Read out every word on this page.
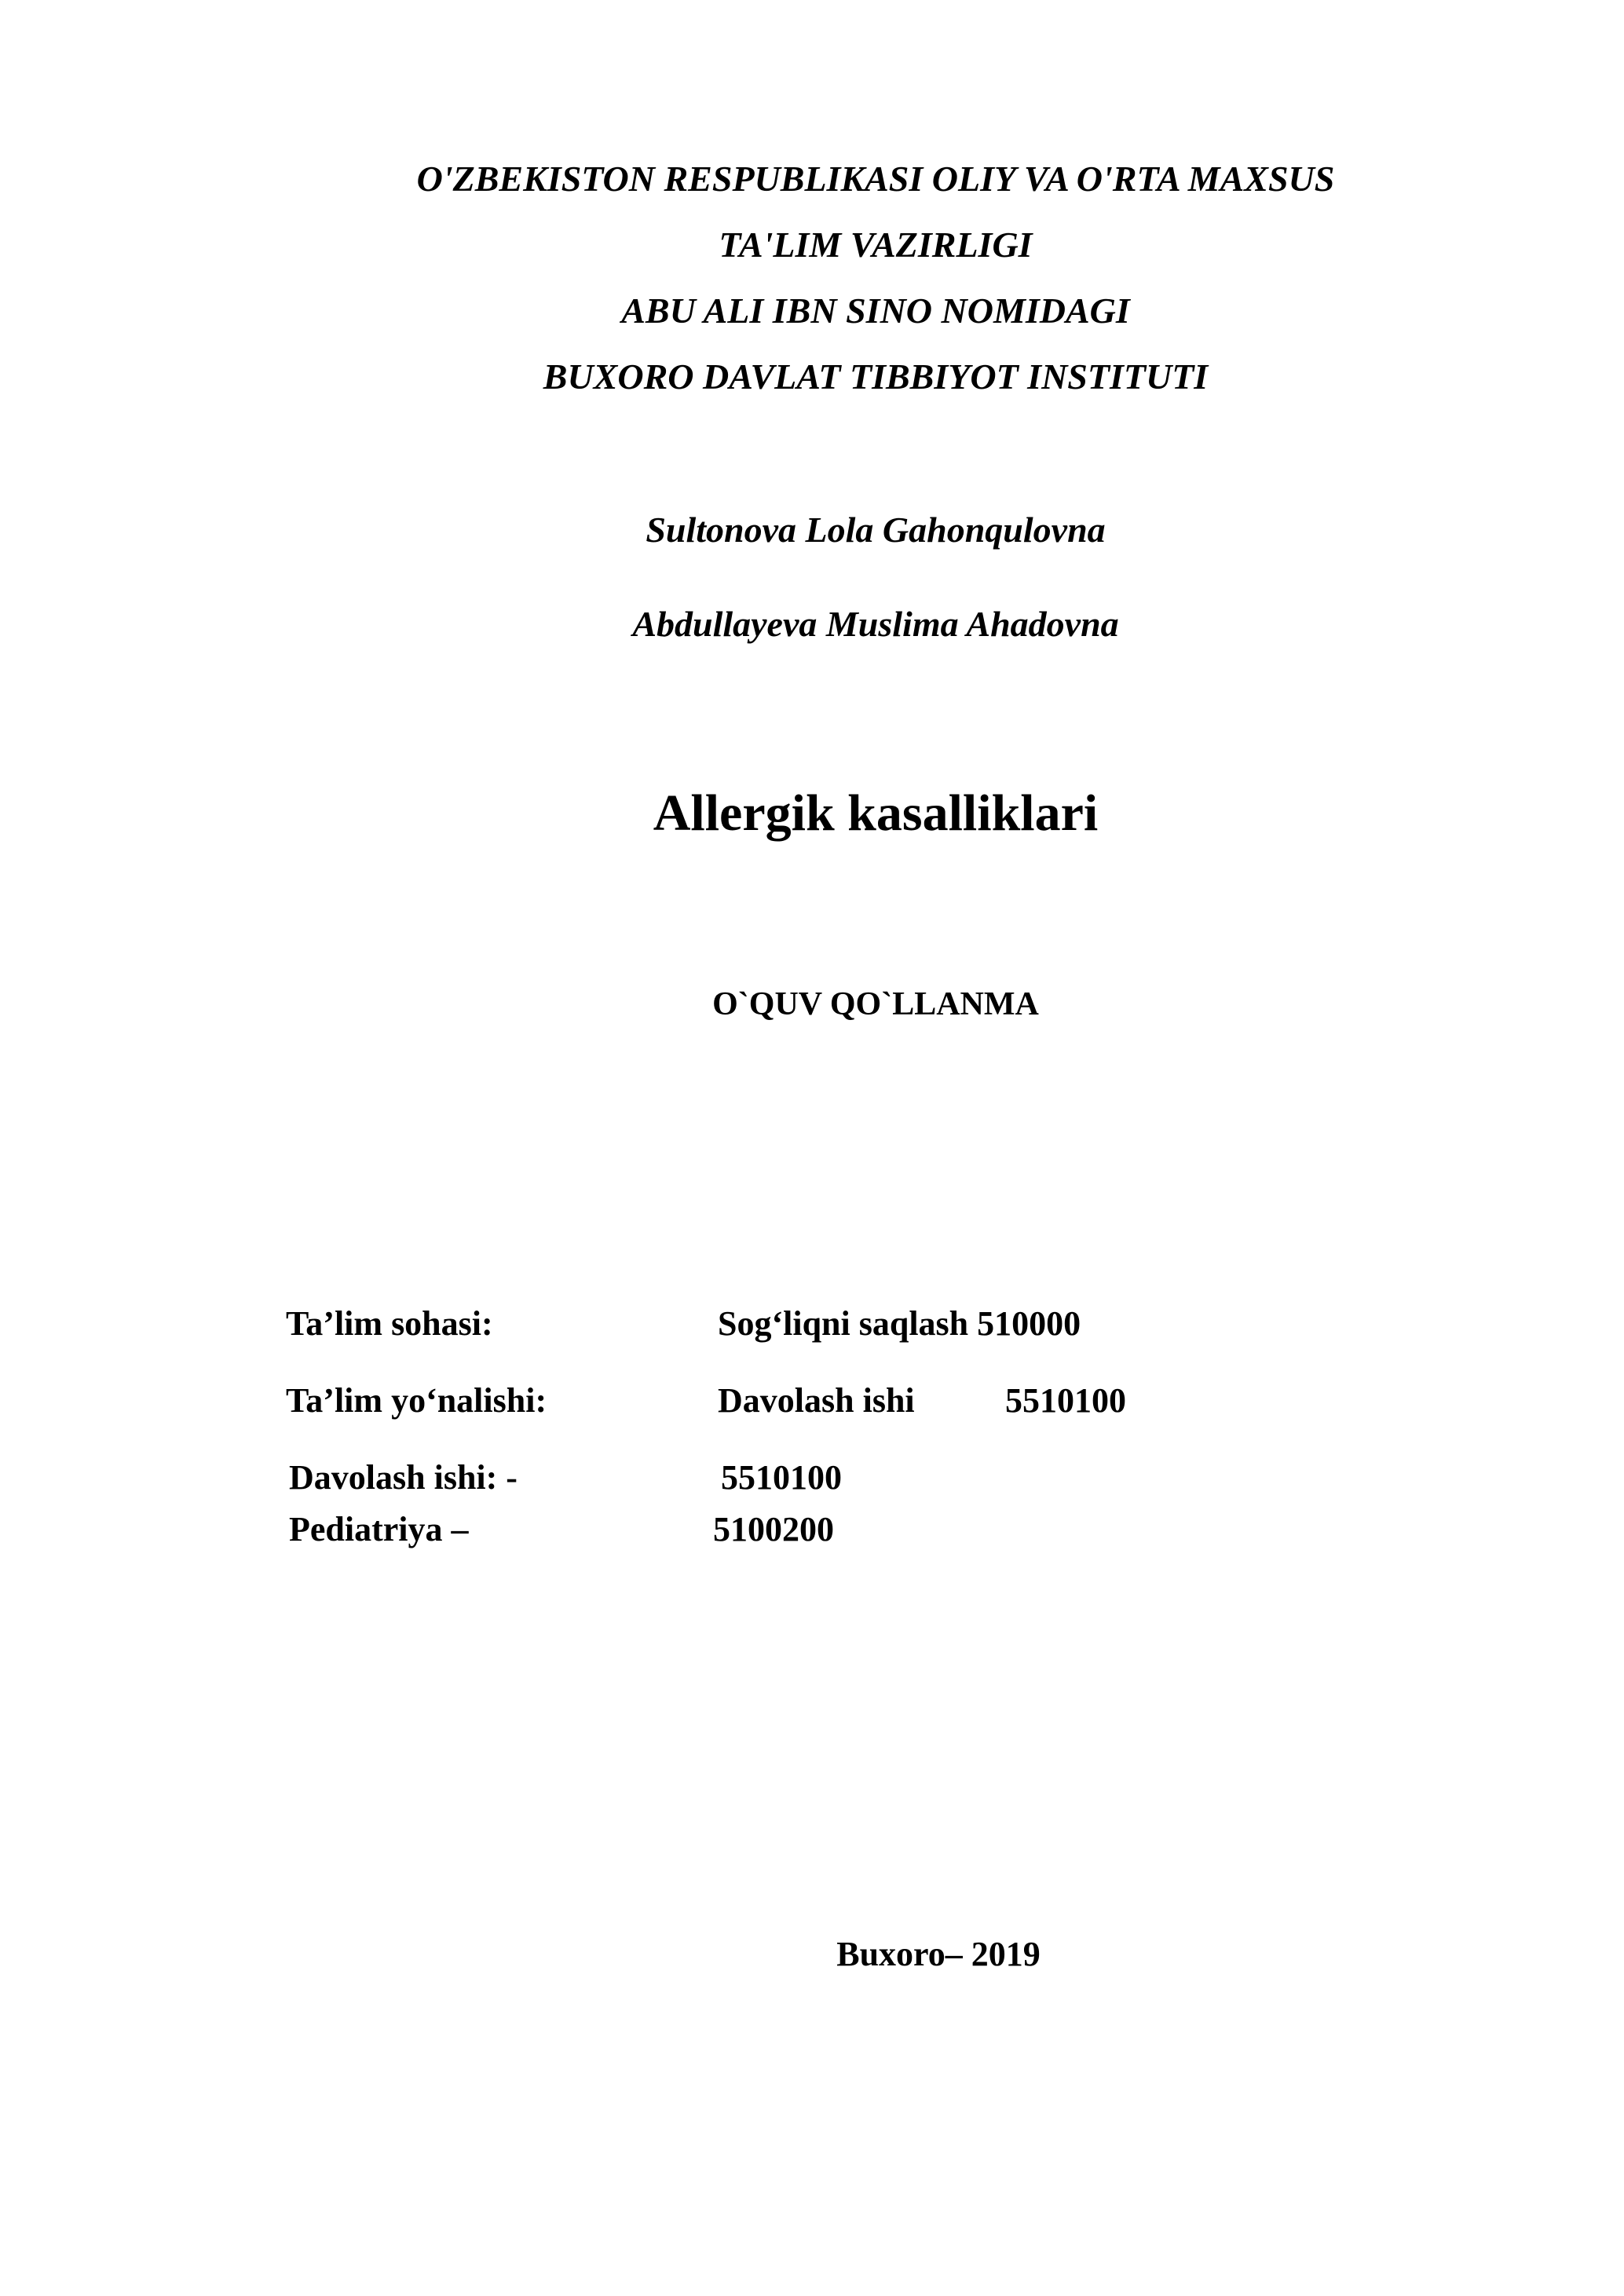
O'ZBEKISTON RESPUBLIKASI OLIY VA O'RTA MAXSUS
TA'LIM VAZIRLIGI
ABU ALI IBN SINO NOMIDAGI
BUXORO DAVLAT TIBBIYOT INSTITUTI
Sultonova Lola Gahonqulovna
Abdullayeva Muslima Ahadovna
Allergik kasalliklari
O`QUV QO`LLANMA
Ta’lim sohasi:	Sog‘liqni saqlash 510000
Ta’lim yo‘nalishi:	Davolash ishi	5510100
Davolash ishi: -	5510100
Pediatriya –	5100200
Buxoro– 2019
